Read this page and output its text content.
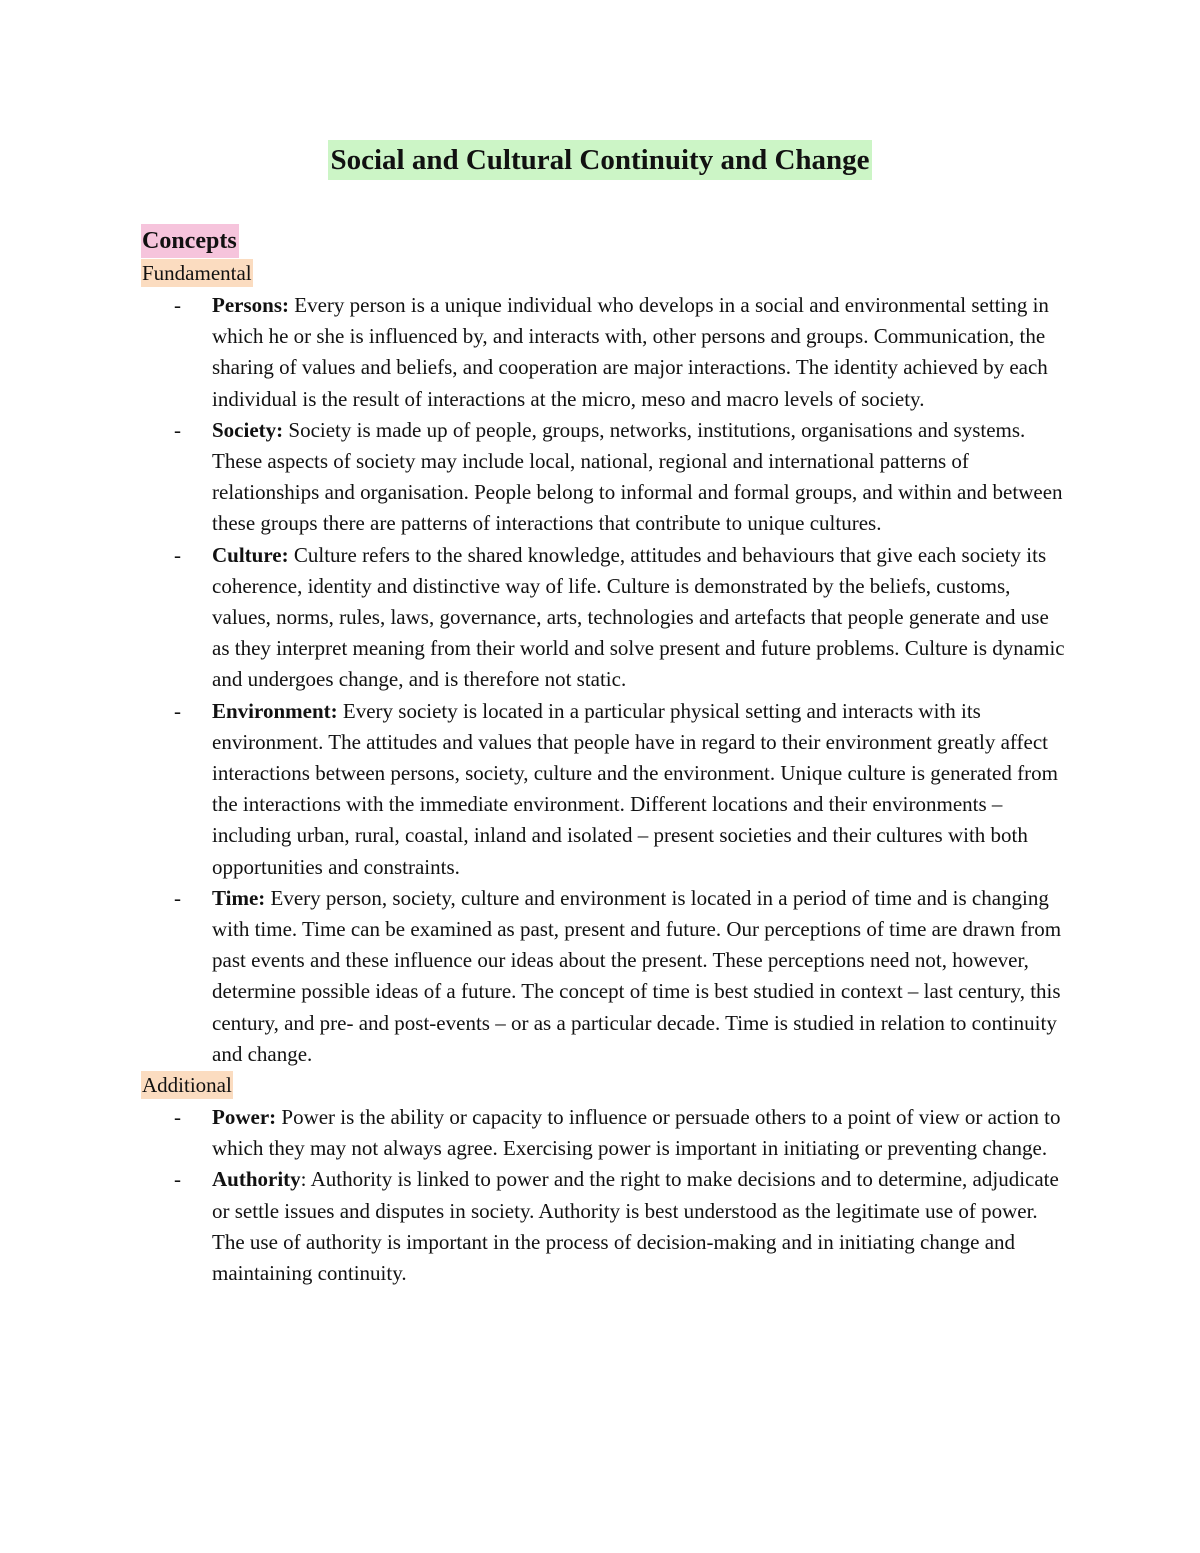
Social and Cultural Continuity and Change
Concepts
Fundamental
- Persons: Every person is a unique individual who develops in a social and environmental setting in which he or she is influenced by, and interacts with, other persons and groups. Communication, the sharing of values and beliefs, and cooperation are major interactions. The identity achieved by each individual is the result of interactions at the micro, meso and macro levels of society.
- Society: Society is made up of people, groups, networks, institutions, organisations and systems. These aspects of society may include local, national, regional and international patterns of relationships and organisation. People belong to informal and formal groups, and within and between these groups there are patterns of interactions that contribute to unique cultures.
- Culture: Culture refers to the shared knowledge, attitudes and behaviours that give each society its coherence, identity and distinctive way of life. Culture is demonstrated by the beliefs, customs, values, norms, rules, laws, governance, arts, technologies and artefacts that people generate and use as they interpret meaning from their world and solve present and future problems. Culture is dynamic and undergoes change, and is therefore not static.
- Environment: Every society is located in a particular physical setting and interacts with its environment. The attitudes and values that people have in regard to their environment greatly affect interactions between persons, society, culture and the environment. Unique culture is generated from the interactions with the immediate environment. Different locations and their environments – including urban, rural, coastal, inland and isolated – present societies and their cultures with both opportunities and constraints.
- Time: Every person, society, culture and environment is located in a period of time and is changing with time. Time can be examined as past, present and future. Our perceptions of time are drawn from past events and these influence our ideas about the present. These perceptions need not, however, determine possible ideas of a future. The concept of time is best studied in context – last century, this century, and pre- and post-events – or as a particular decade. Time is studied in relation to continuity and change.
Additional
- Power: Power is the ability or capacity to influence or persuade others to a point of view or action to which they may not always agree. Exercising power is important in initiating or preventing change.
- Authority: Authority is linked to power and the right to make decisions and to determine, adjudicate or settle issues and disputes in society. Authority is best understood as the legitimate use of power. The use of authority is important in the process of decision-making and in initiating change and maintaining continuity.
